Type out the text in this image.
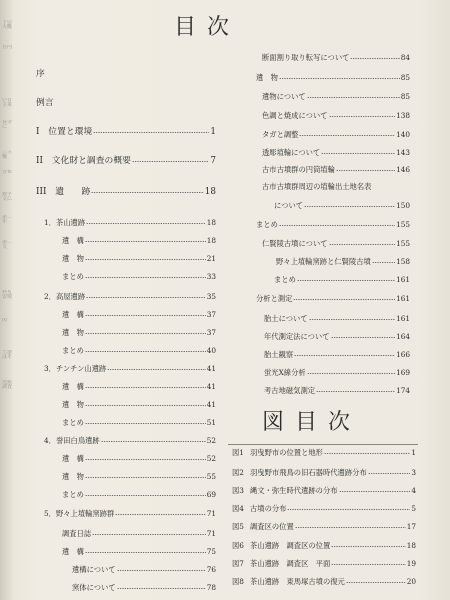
トの大概
宮内
い日主来
長寺に
三主権
分布
数字文に
第二年
第二文
料も安城
図
土器はそ
発掘調査
目 次
序
例言
I　位置と環境	1
II　文化財と調査の概要	7
III　遺　　跡	18
1．茶山遺跡	18
遺　構	18
遺　物	21
まとめ	33
2．高屋遺跡	35
遺　構	37
遺　物	37
まとめ	40
3．チンチン山遺跡	41
遺　構	41
遺　物	41
まとめ	51
4．誉田白鳥遺跡	52
遺　構	52
遺　物	55
まとめ	69
5．野々上埴輪窯跡群	71
調査日誌	71
遺　構	75
遺構について	76
窯体について	78
断面割り取り転写について	84
遺　物	85
遺物について	85
色調と焼成について	138
タガと調整	140
透彫埴輪について	143
古市古墳群の円筒埴輪	146
古市古墳群周辺の埴輪出土地名表
について	150
まとめ	155
仁賢陵古墳について	155
野々上埴輪窯跡と仁賢陵古墳	158
まとめ	161
分析と測定	161
胎土について	161
年代測定法について	164
胎土観察	166
蛍光X線分析	169
考古地磁気測定	174
図 目 次
図1 羽曳野市の位置と地形	1
図2 羽曳野市飛鳥の旧石器時代遺跡分布	3
図3 縄文・弥生時代遺跡の分布	4
図4 古墳の分布	5
図5 調査区の位置	17
図6 茶山遺跡　調査区の位置	18
図7 茶山遺跡　調査区　平面	19
図8 茶山遺跡　東馬塚古墳の復元	20
